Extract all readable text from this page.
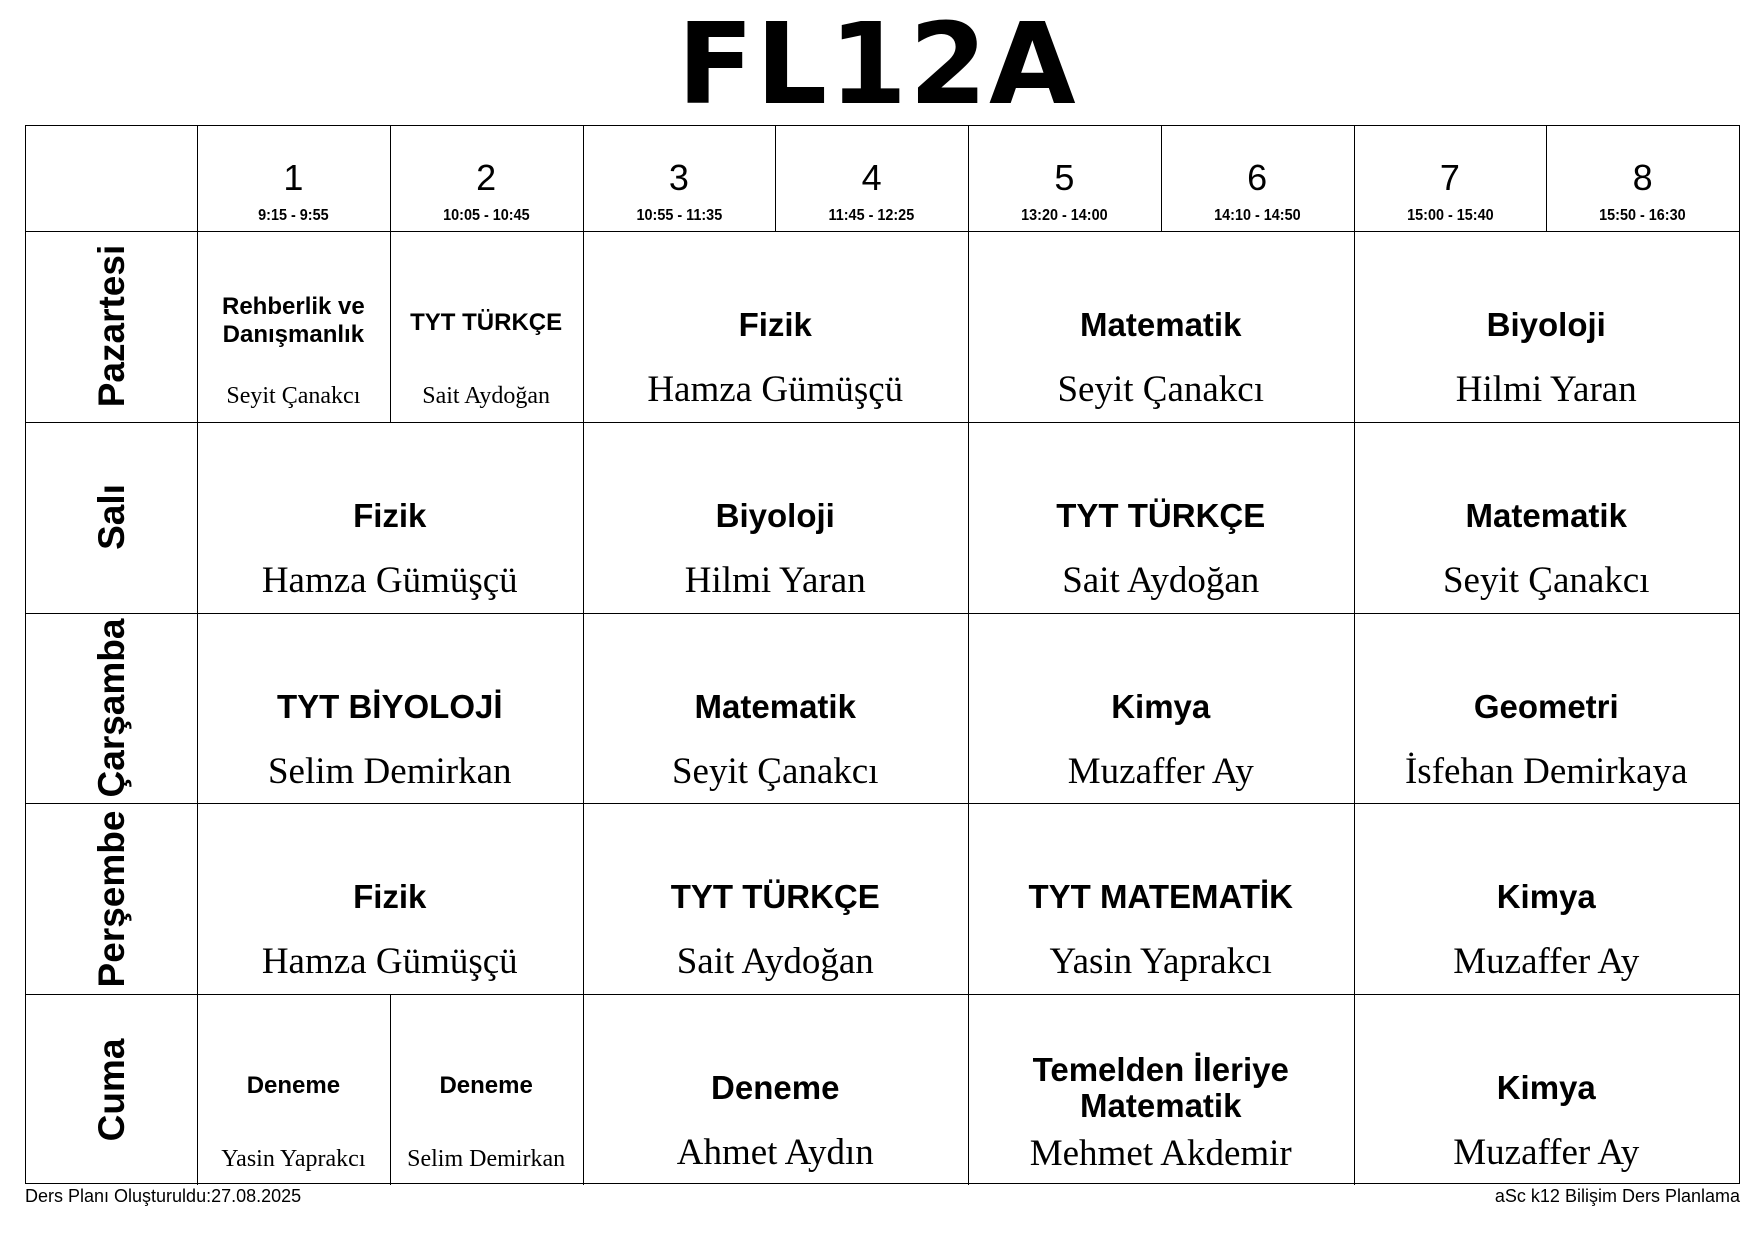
FL12A
1
9:15 - 9:55
2
10:05 - 10:45
3
10:55 - 11:35
4
11:45 - 12:25
5
13:20 - 14:00
6
14:10 - 14:50
7
15:00 - 15:40
8
15:50 - 16:30
Pazartesi
Salı
Çarşamba
Perşembe
Cuma
Rehberlik ve Danışmanlık
Seyit Çanakcı
TYT TÜRKÇE
Sait Aydoğan
Fizik
Hamza Gümüşçü
Matematik
Seyit Çanakcı
Biyoloji
Hilmi Yaran
Fizik
Hamza Gümüşçü
Biyoloji
Hilmi Yaran
TYT TÜRKÇE
Sait Aydoğan
Matematik
Seyit Çanakcı
TYT BİYOLOJİ
Selim Demirkan
Matematik
Seyit Çanakcı
Kimya
Muzaffer Ay
Geometri
İsfehan Demirkaya
Fizik
Hamza Gümüşçü
TYT TÜRKÇE
Sait Aydoğan
TYT MATEMATİK
Yasin Yaprakcı
Kimya
Muzaffer Ay
Deneme
Yasin Yaprakcı
Deneme
Selim Demirkan
Deneme
Ahmet Aydın
Temelden İleriye Matematik
Mehmet Akdemir
Kimya
Muzaffer Ay
Ders Planı Oluşturuldu:27.08.2025	aSc k12 Bilişim Ders Planlama
